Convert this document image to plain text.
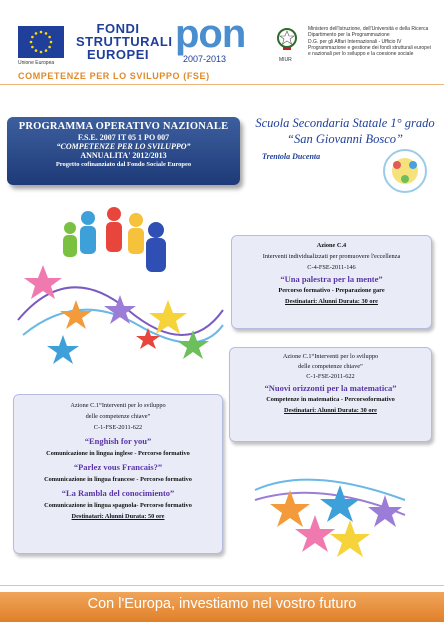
Unione Europea
FONDI
STRUTTURALI
EUROPEI pon
2007-2013	MIUR
Ministero dell'Istruzione, dell'Università e della Ricerca
Dipartimento per la Programmazione
D.G. per gli Affari Internazionali - Ufficio IV
Programmazione e gestione dei fondi strutturali europei
e nazionali per lo sviluppo e la coesione sociale
COMPETENZE PER LO SVILUPPO (FSE)
PROGRAMMA OPERATIVO NAZIONALE
F.S.E. 2007 IT 05 1 PO 007
“COMPETENZE PER LO SVILUPPO”
ANNUALITA' 2012/2013
Progetto cofinanziato dal Fondo Sociale Europeo
Scuola Secondaria Statale 1° grado
“San Giovanni Bosco”
Trentola Ducenta
Azione C.4
Interventi individualizzati per promuovere l'eccellenza
C-4-FSE-2011-146
“Una palestra per la mente”
Percorso formativo - Preparazione gare
Destinatari: Alunni Durata: 30 ore
Azione C.1“Interventi per lo sviluppo
delle competenze chiave”
C-1-FSE-2011-622
“Nuovi orizzonti per la matematica”
Competenze in matematica - Percorsoformativo
Destinatari: Alunni Durata: 30 ore
Azione C.1“Interventi per lo sviluppo
delle competenze chiave”
C-1-FSE-2011-622
“Enghish for you”
Comunicazione in lingua inglese - Percorso formativo
“Parlez vous Francais?”
Comunicazione in lingua francese - Percorso formativo
“La Rambla del conocimiento”
Comunicazione in lingua spagnola- Percorso formativo
Destinatari: Alunni Durata: 50 ore
Con l'Europa, investiamo nel vostro futuro
